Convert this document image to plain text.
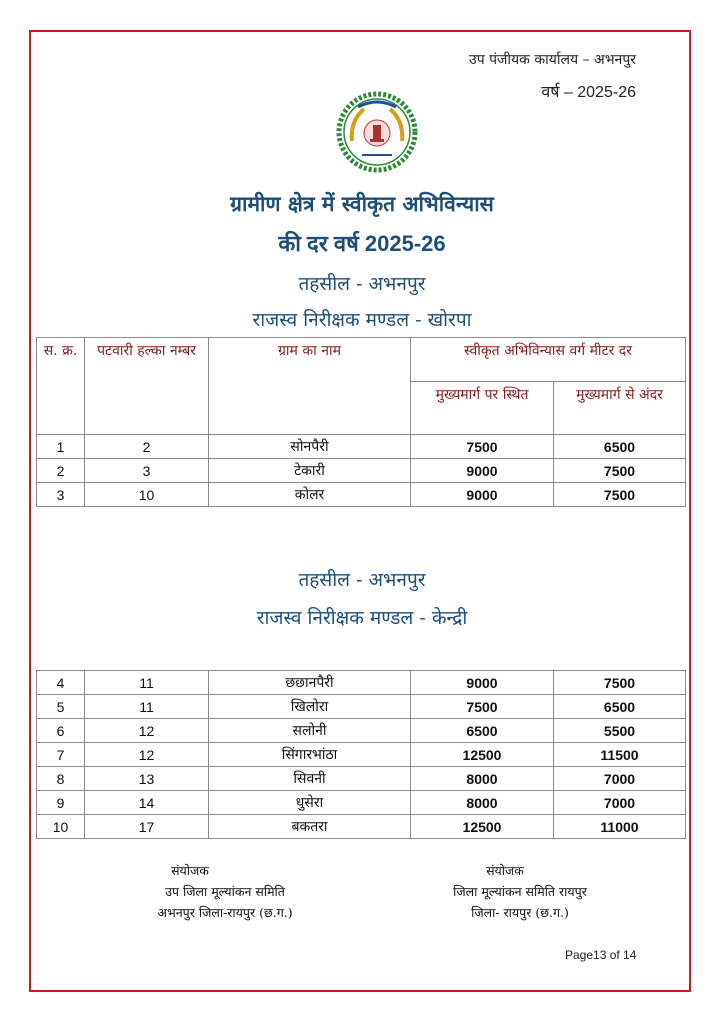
उप पंजीयक कार्यालय – अभनपुर
वर्ष – 2025-26
ग्रामीण क्षेत्र में स्वीकृत अभिविन्यास
की दर वर्ष 2025-26
तहसील - अभनपुर
राजस्व निरीक्षक मण्डल - खोरपा
स. क्र.	पटवारी हल्का नम्बर	ग्राम का नाम	स्वीकृत अभिविन्यास वर्ग मीटर दर	
			मुख्यमार्ग पर स्थित	मुख्यमार्ग से अंदर
1	2	सोनपैरी	7500	6500
2	3	टेकारी	9000	7500
3	10	कोलर	9000	7500
तहसील - अभनपुर
राजस्व निरीक्षक मण्डल - केन्द्री
4	11	छछानपैरी	9000	7500
5	11	खिलोरा	7500	6500
6	12	सलोनी	6500	5500
7	12	सिंगारभांठा	12500	11500
8	13	सिवनी	8000	7000
9	14	धुसेरा	8000	7000
10	17	बकतरा	12500	11000
संयोजक
उप जिला मूल्यांकन समिति
अभनपुर जिला-रायपुर (छ.ग.)
संयोजक
जिला मूल्यांकन समिति रायपुर
जिला- रायपुर (छ.ग.)
Page13 of 14
